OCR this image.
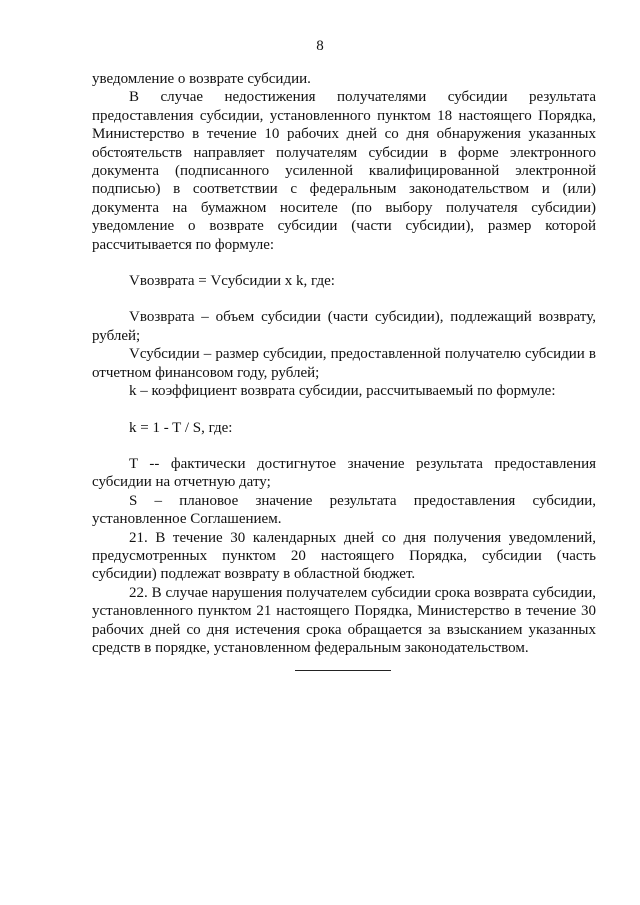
8

уведомление о возврате субсидии.

В случае недостижения получателями субсидии результата предоставления субсидии, установленного пунктом 18 настоящего Порядка, Министерство в течение 10 рабочих дней со дня обнаружения указанных обстоятельств направляет получателям субсидии в форме электронного документа (подписанного усиленной квалифицированной электронной подписью) в соответствии с федеральным законодательством и (или) документа на бумажном носителе (по выбору получателя субсидии) уведомление о возврате субсидии (части субсидии), размер которой рассчитывается по формуле:

Vвозврата = Vсубсидии x k, где:

Vвозврата – объем субсидии (части субсидии), подлежащий возврату, рублей;

Vсубсидии – размер субсидии, предоставленной получателю субсидии в отчетном финансовом году, рублей;

k – коэффициент возврата субсидии, рассчитываемый по формуле:

k = 1 - T / S, где:

T -- фактически достигнутое значение результата предоставления субсидии на отчетную дату;

S – плановое значение результата предоставления субсидии, установленное Соглашением.

21. В течение 30 календарных дней со дня получения уведомлений, предусмотренных пунктом 20 настоящего Порядка, субсидии (часть субсидии) подлежат возврату в областной бюджет.

22. В случае нарушения получателем субсидии срока возврата субсидии, установленного пунктом 21 настоящего Порядка, Министерство в течение 30 рабочих дней со дня истечения срока обращается за взысканием указанных средств в порядке, установленном федеральным законодательством.
